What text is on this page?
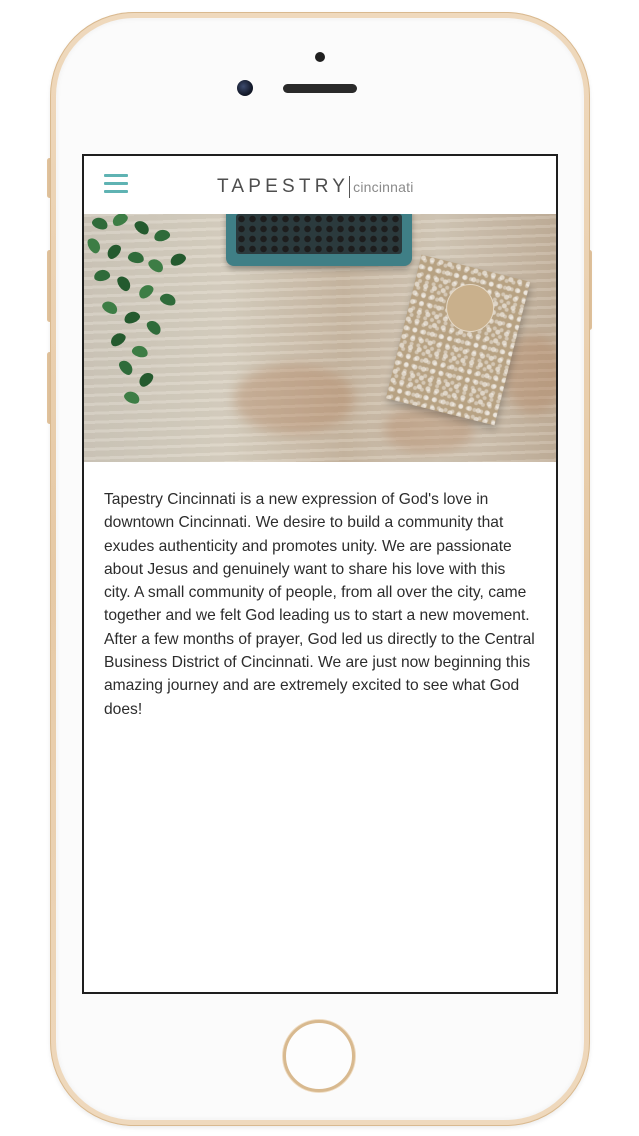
TAPESTRY cincinnati

Tapestry Cincinnati is a new expression of God's love in downtown Cincinnati. We desire to build a community that exudes authenticity and promotes unity. We are passionate about Jesus and genuinely want to share his love with this city. A small community of people, from all over the city, came together and we felt God leading us to start a new movement. After a few months of prayer, God led us directly to the Central Business District of Cincinnati. We are just now beginning this amazing journey and are extremely excited to see what God does!
